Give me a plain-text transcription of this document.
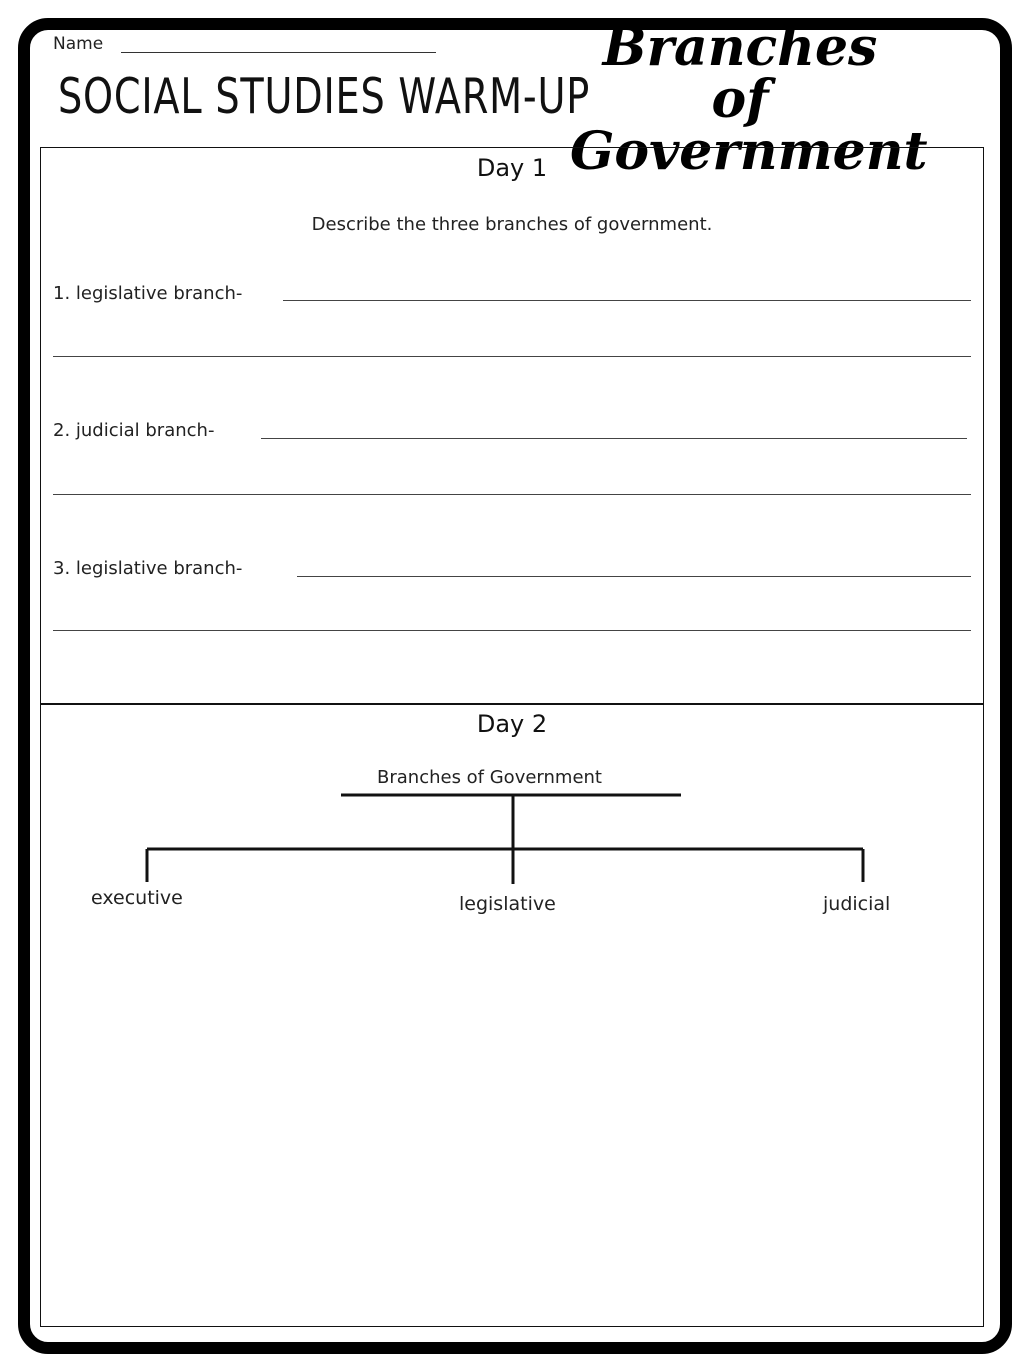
Name
SOCIAL STUDIES WARM-UP
Branches of
Government
Day 1
Describe the three branches of government.
1. legislative branch-
2. judicial branch-
3. legislative branch-
Day 2
Branches of Government
executive	legislative	judicial
